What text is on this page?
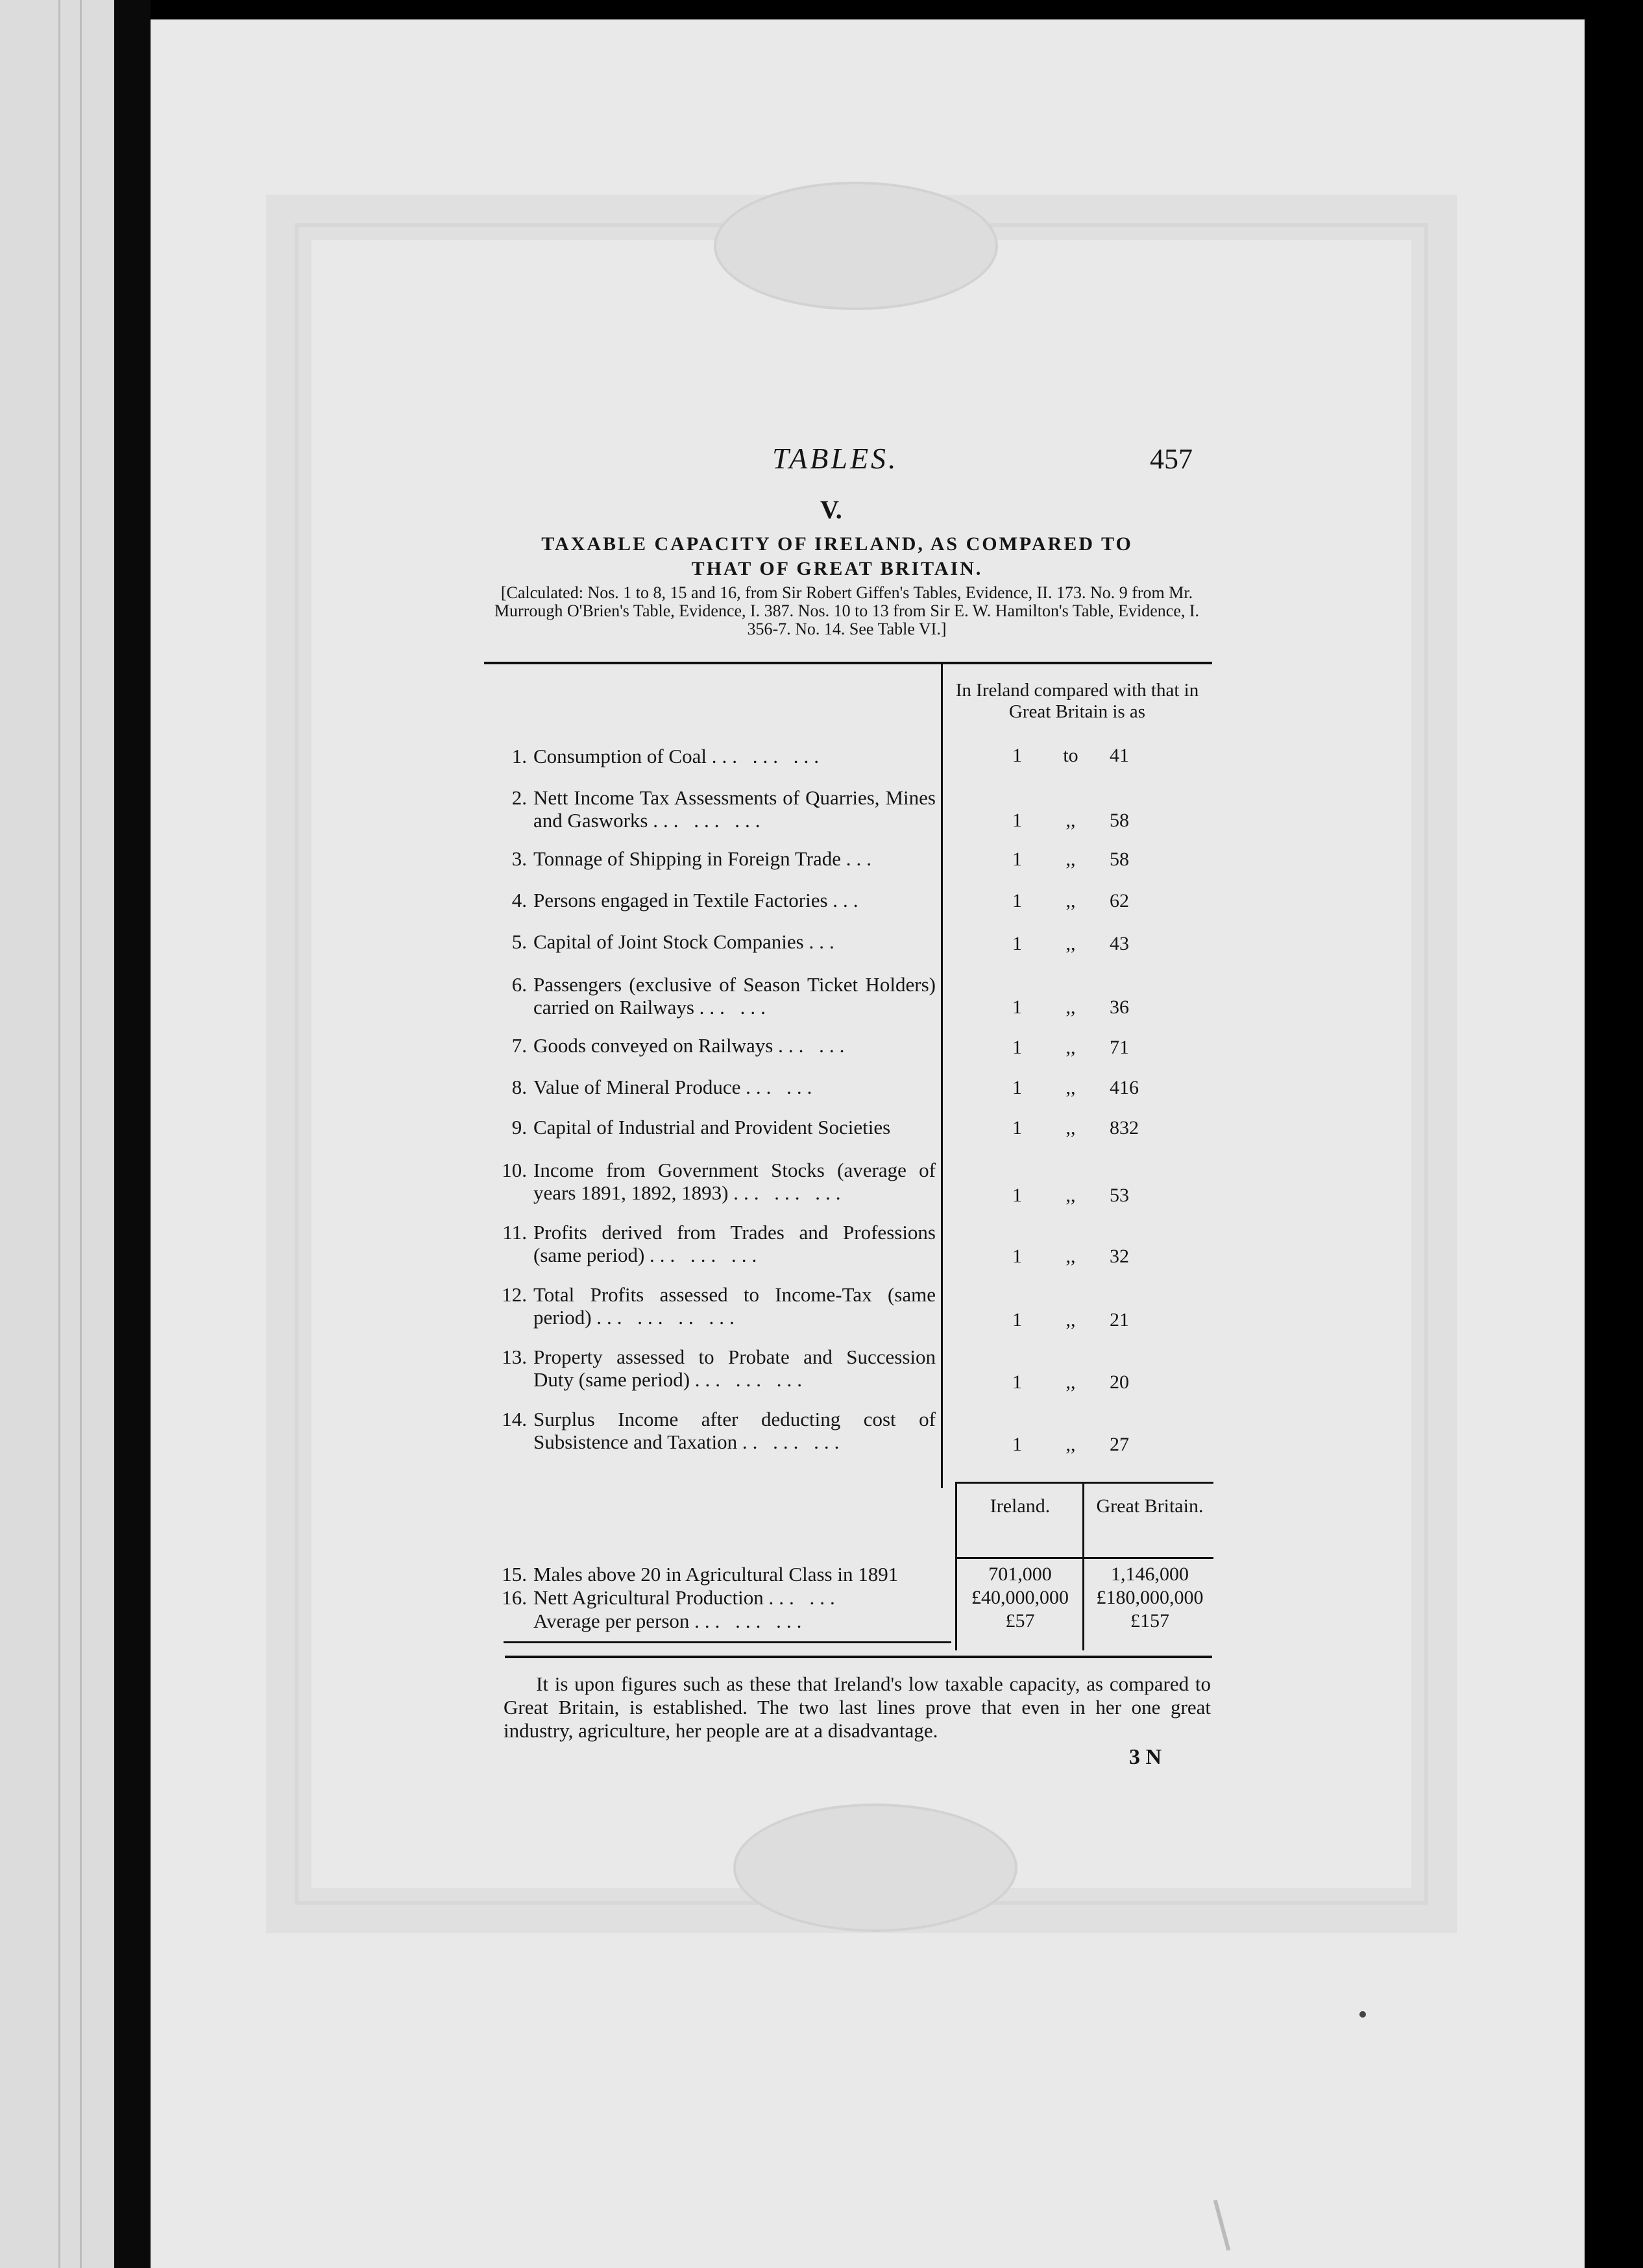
TABLES.	457
V.
TAXABLE CAPACITY OF IRELAND, AS COMPARED TO THAT OF GREAT BRITAIN.
[Calculated: Nos. 1 to 8, 15 and 16, from Sir Robert Giffen's Tables, Evidence, II. 173. No. 9 from Mr. Murrough O'Brien's Table, Evidence, I. 387. Nos. 10 to 13 from Sir E. W. Hamilton's Table, Evidence, I. 356-7. No. 14. See Table VI.]
In Ireland compared with that in Great Britain is as
1. Consumption of Coal ... ... ...	1 to 41
2. Nett Income Tax Assessments of Quarries, Mines and Gasworks ... ... ...	1	,,	58
3. Tonnage of Shipping in Foreign Trade ...	1	,,	58
4. Persons engaged in Textile Factories ...	1	,,	62
5. Capital of Joint Stock Companies ...	1	,,	43
6. Passengers (exclusive of Season Ticket Holders) carried on Railways ... ...	1	,,	36
7. Goods conveyed on Railways ... ...	1	,,	71
8. Value of Mineral Produce ... ...	1	,,	416
9. Capital of Industrial and Provident Societies	1	,,	832
10. Income from Government Stocks (average of years 1891, 1892, 1893) ... ... ...	1	,,	53
11. Profits derived from Trades and Professions (same period) ... ... ...	1	,,	32
12. Total Profits assessed to Income-Tax (same period) ... ... .. ...	1	,,	21
13. Property assessed to Probate and Succession Duty (same period) ... ... ...	1	,,	20
14. Surplus Income after deducting cost of Subsistence and Taxation .. ... ...	1	,,	27
Ireland.	Great Britain.
15. Males above 20 in Agricultural Class in 1891	701,000	1,146,000
16. Nett Agricultural Production ... ...	£40,000,000	£180,000,000
Average per person ... ... ...	£57	£157
It is upon figures such as these that Ireland's low taxable capacity, as compared to Great Britain, is established. The two last lines prove that even in her one great industry, agriculture, her people are at a disadvantage.
3 N
